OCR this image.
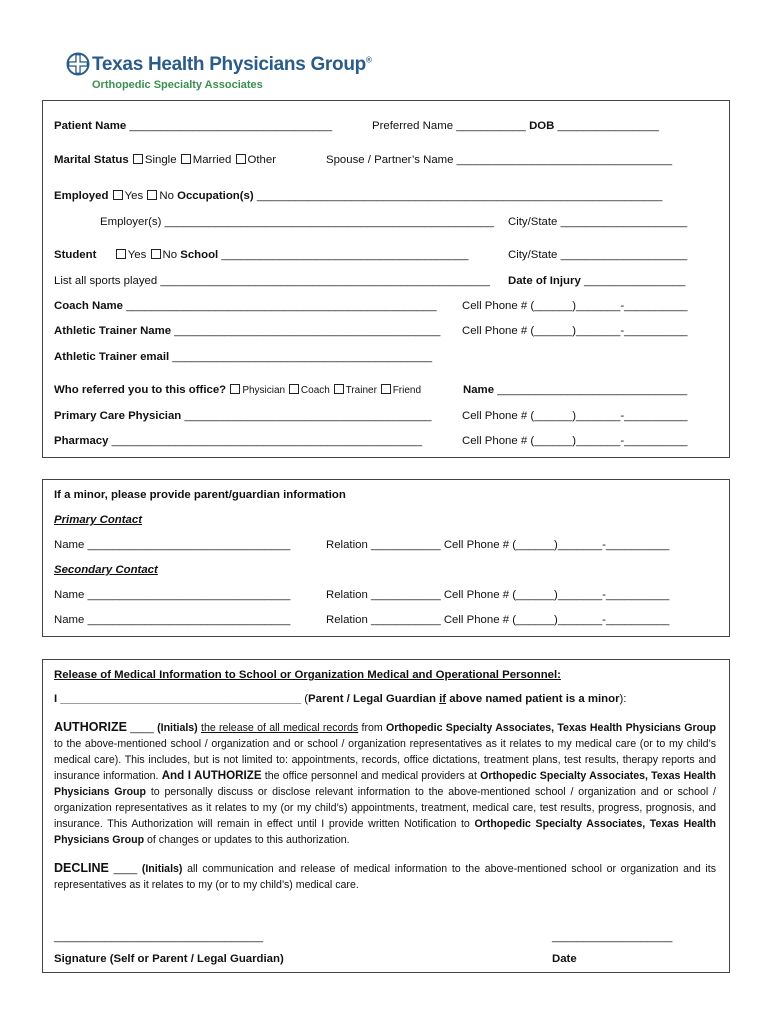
Texas Health Physicians Group®
Orthopedic Specialty Associates
Patient Name ________________________________	Preferred Name ___________ DOB ________________
Marital Status Single Married Other	Spouse / Partner’s Name __________________________________
Employed Yes No Occupation(s) ________________________________________________________________
Employer(s) ____________________________________________________ City/State ____________________
Student	Yes No School _______________________________________	City/State ____________________
List all sports played ____________________________________________________ Date of Injury ________________
Coach Name _________________________________________________ Cell Phone # (______)_______-__________
Athletic Trainer Name __________________________________________ Cell Phone # (______)_______-__________
Athletic Trainer email _________________________________________
Who referred you to this office? Physician Coach Trainer Friend	Name ______________________________
Primary Care Physician _______________________________________	Cell Phone # (______)_______-__________
Pharmacy _________________________________________________	Cell Phone # (______)_______-__________
If a minor, please provide parent/guardian information
Primary Contact
Name ________________________________	Relation ___________ Cell Phone # (______)_______-__________
Secondary Contact
Name ________________________________	Relation ___________ Cell Phone # (______)_______-__________
Name ________________________________	Relation ___________ Cell Phone # (______)_______-__________
Release of Medical Information to School or Organization Medical and Operational Personnel:
I ______________________________________ (Parent / Legal Guardian if above named patient is a minor):
AUTHORIZE ____ (Initials) the release of all medical records from Orthopedic Specialty Associates, Texas Health Physicians Group to the above-mentioned school / organization and or school / organization representatives as it relates to my medical care (or to my child’s medical care). This includes, but is not limited to: appointments, records, office dictations, treatment plans, test results, therapy reports and insurance information. And I AUTHORIZE the office personnel and medical providers at Orthopedic Specialty Associates, Texas Health Physicians Group to personally discuss or disclose relevant information to the above-mentioned school / organization and or school / organization representatives as it relates to my (or my child’s) appointments, treatment, medical care, test results, progress, prognosis, and insurance. This Authorization will remain in effect until I provide written Notification to Orthopedic Specialty Associates, Texas Health Physicians Group of changes or updates to this authorization.
DECLINE ____ (Initials) all communication and release of medical information to the above-mentioned school or organization and its representatives as it relates to my (or to my child’s) medical care.
_________________________________	___________________
Signature (Self or Parent / Legal Guardian)	Date
